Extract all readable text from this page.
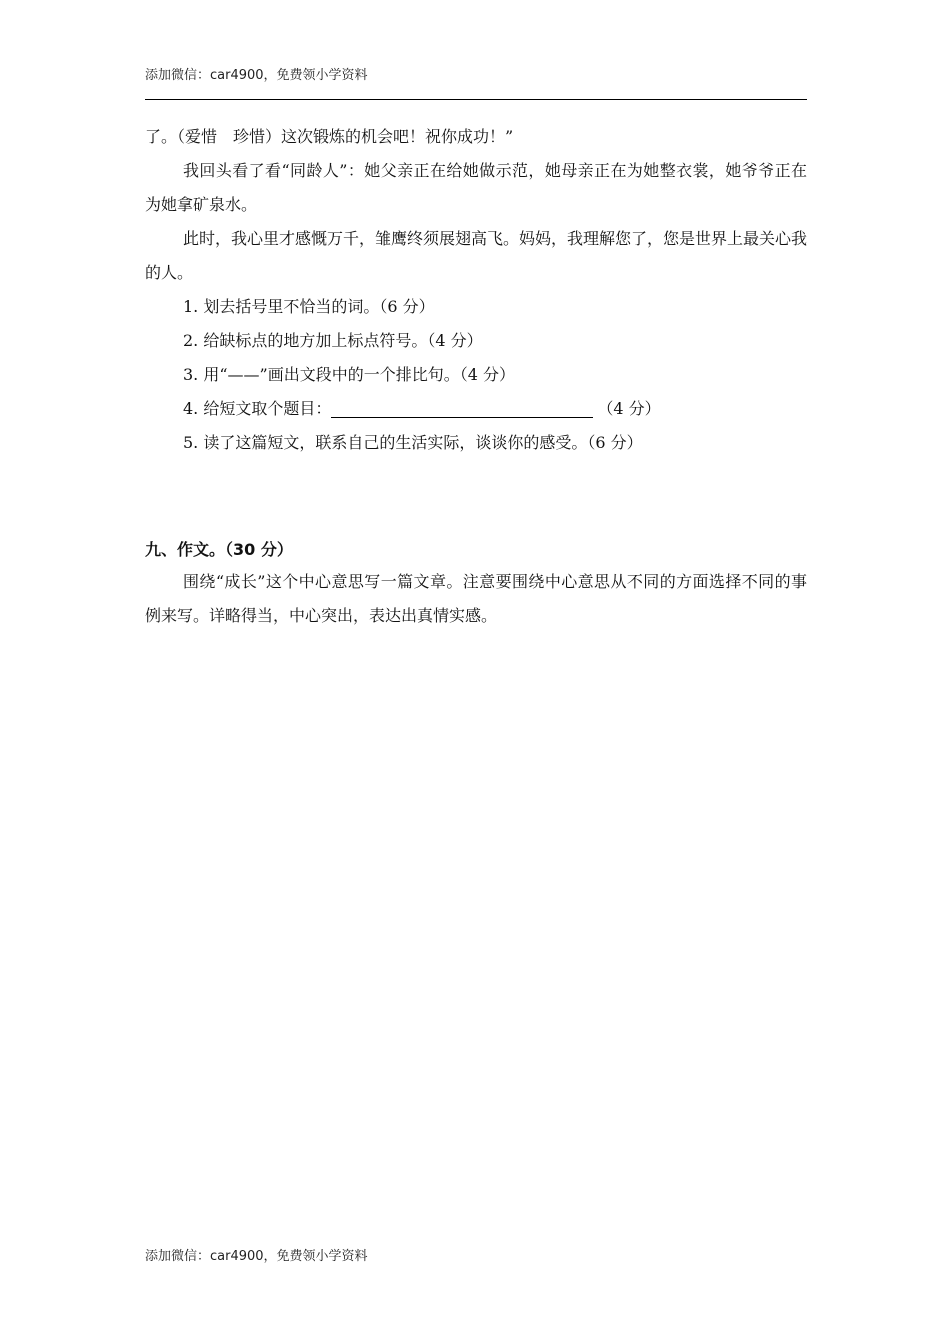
添加微信：car4900，免费领小学资料

了。（爱惜　珍惜）这次锻炼的机会吧！祝你成功！”

我回头看了看“同龄人”：她父亲正在给她做示范，她母亲正在为她整衣裳，她爷爷正在为她拿矿泉水。

此时，我心里才感慨万千，雏鹰终须展翅高飞。妈妈，我理解您了，您是世界上最关心我的人。

1. 划去括号里不恰当的词。（6 分）
2. 给缺标点的地方加上标点符号。（4 分）
3. 用“——”画出文段中的一个排比句。（4 分）
4. 给短文取个题目：	（4 分）
5. 读了这篇短文，联系自己的生活实际，谈谈你的感受。（6 分）

九、作文。（30 分）

围绕“成长”这个中心意思写一篇文章。注意要围绕中心意思从不同的方面选择不同的事例来写。详略得当，中心突出，表达出真情实感。

添加微信：car4900，免费领小学资料
